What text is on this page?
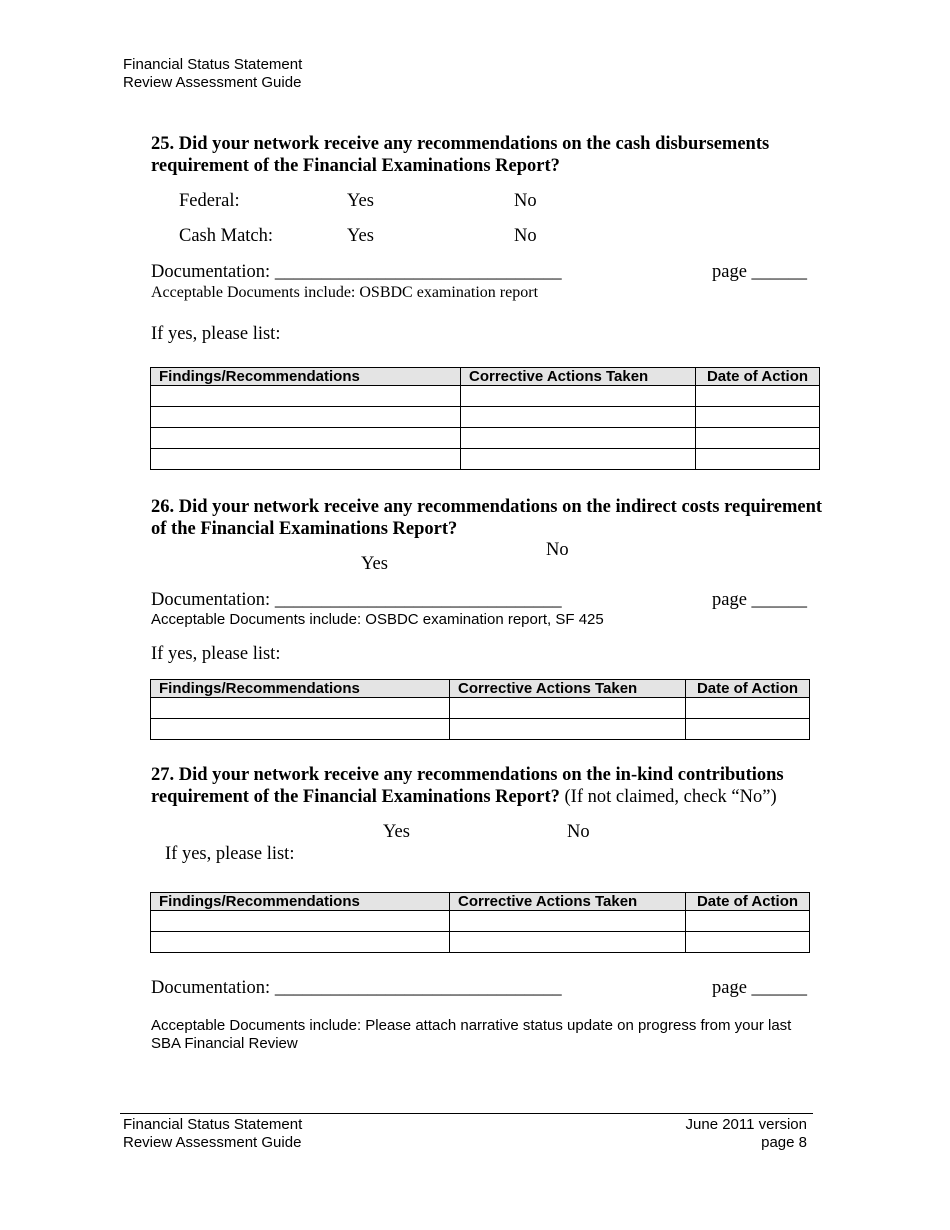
Financial Status Statement
Review Assessment Guide
25. Did your network receive any recommendations on the cash disbursements requirement of the Financial Examinations Report?
Federal:	Yes	No
Cash Match:	Yes	No
Documentation: _______________________________	page ______
Acceptable Documents include: OSBDC examination report
If yes, please list:
Findings/Recommendations	Corrective Actions Taken	Date of Action

26. Did your network receive any recommendations on the indirect costs requirement of the Financial Examinations Report?
No
Yes
Documentation: _______________________________	page ______
Acceptable Documents include: OSBDC examination report, SF 425
If yes, please list:
Findings/Recommendations	Corrective Actions Taken	Date of Action

27. Did your network receive any recommendations on the in-kind contributions requirement of the Financial Examinations Report? (If not claimed, check “No”)
Yes	No
If yes, please list:
Findings/Recommendations	Corrective Actions Taken	Date of Action

Documentation: _______________________________	page ______
Acceptable Documents include: Please attach narrative status update on progress from your last SBA Financial Review
Financial Status Statement
Review Assessment Guide
June 2011 version
page 8
